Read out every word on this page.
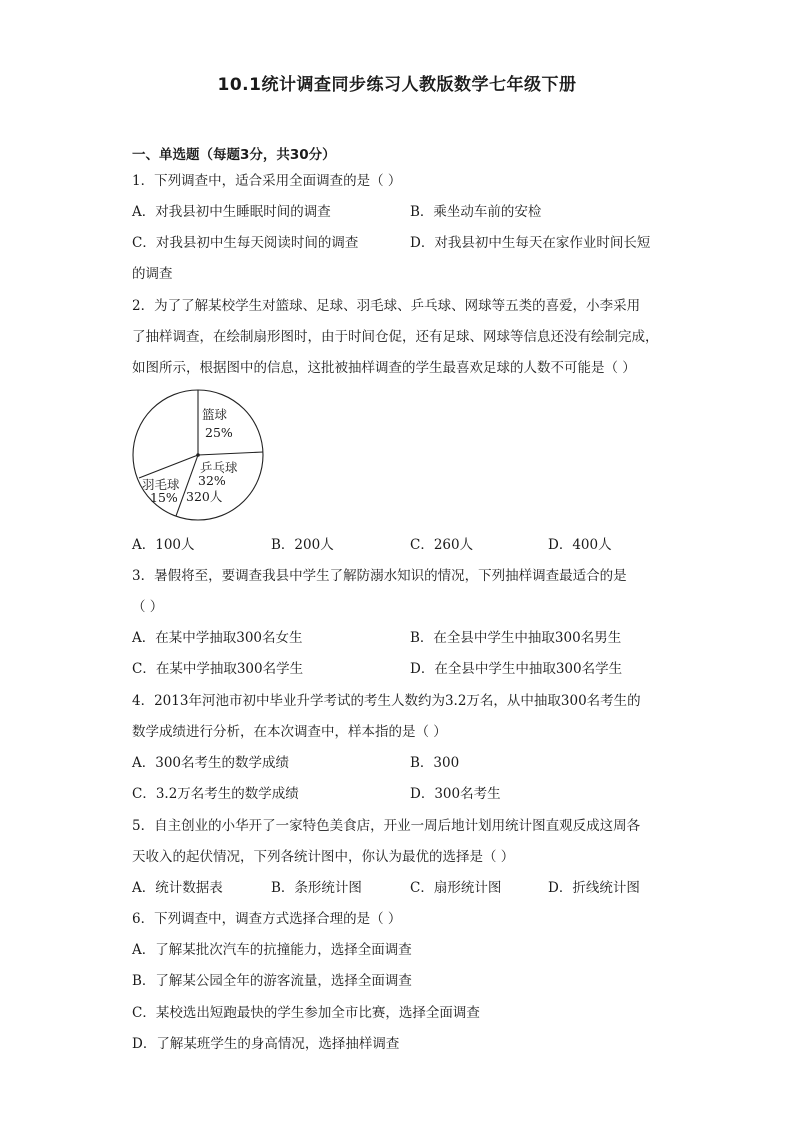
10.1统计调查同步练习人教版数学七年级下册
一、单选题（每题3分，共30分）
1．下列调查中，适合采用全面调查的是（ ）
A．对我县初中生睡眠时间的调查	B．乘坐动车前的安检
C．对我县初中生每天阅读时间的调查	D．对我县初中生每天在家作业时间长短
的调查
2．为了了解某校学生对篮球、足球、羽毛球、乒乓球、网球等五类的喜爱，小李采用
了抽样调查，在绘制扇形图时，由于时间仓促，还有足球、网球等信息还没有绘制完成，
如图所示，根据图中的信息，这批被抽样调查的学生最喜欢足球的人数不可能是（ ）
篮球
25%
乒乓球
32%
320人
羽毛球
15%
A．100人	B．200人	C．260人	D．400人
3．暑假将至，要调查我县中学生了解防溺水知识的情况，下列抽样调查最适合的是
（ ）
A．在某中学抽取300名女生	B．在全县中学生中抽取300名男生
C．在某中学抽取300名学生	D．在全县中学生中抽取300名学生
4．2013年河池市初中毕业升学考试的考生人数约为3.2万名，从中抽取300名考生的
数学成绩进行分析，在本次调查中，样本指的是（ ）
A．300名考生的数学成绩	B．300
C．3.2万名考生的数学成绩	D．300名考生
5．自主创业的小华开了一家特色美食店，开业一周后地计划用统计图直观反成这周各
天收入的起伏情况，下列各统计图中，你认为最优的选择是（ ）
A．统计数据表	B．条形统计图	C．扇形统计图	D．折线统计图
6．下列调查中，调查方式选择合理的是（ ）
A．了解某批次汽车的抗撞能力，选择全面调查
B．了解某公园全年的游客流量，选择全面调查
C．某校选出短跑最快的学生参加全市比赛，选择全面调查
D．了解某班学生的身高情况，选择抽样调查
